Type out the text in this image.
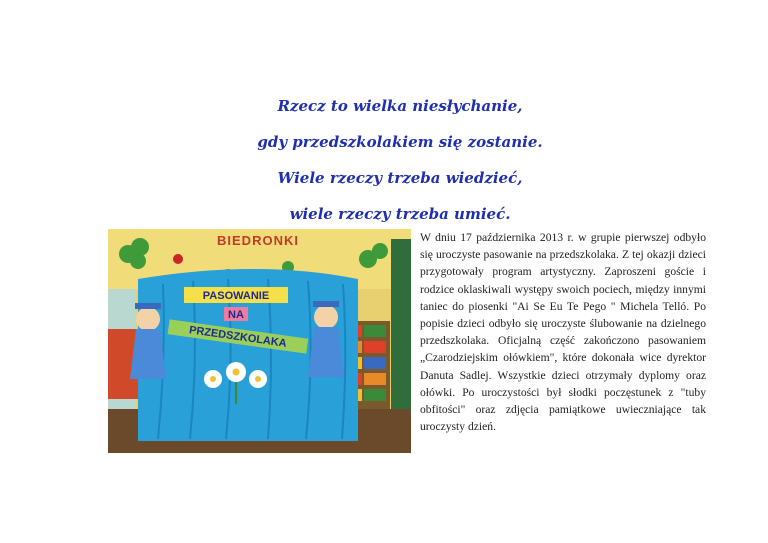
Rzecz to wielka niesłychanie,
gdy przedszkolakiem się zostanie.
Wiele rzeczy trzeba wiedzieć,
wiele rzeczy trzeba umieć.
BIEDRONKI
PASOWANIE
NA
PRZEDSZKOLAKA
W dniu 17 października 2013 r. w grupie pierwszej odbyło się uroczyste pasowanie na przedszkolaka. Z tej okazji dzieci przygotowały program artystyczny. Zaproszeni goście i rodzice oklaskiwali występy swoich pociech, między innymi taniec do piosenki "Ai Se Eu Te Pego " Michela Telló. Po popisie dzieci odbyło się uroczyste ślubowanie na dzielnego przedszkolaka. Oficjalną część zakończono pasowaniem „Czarodziejskim ołówkiem", które dokonała wice dyrektor Danuta Sadlej. Wszystkie dzieci otrzymały dyplomy oraz ołówki. Po uroczystości był słodki poczęstunek z "tuby obfitości" oraz zdjęcia pamiątkowe uwieczniające tak uroczysty dzień.
